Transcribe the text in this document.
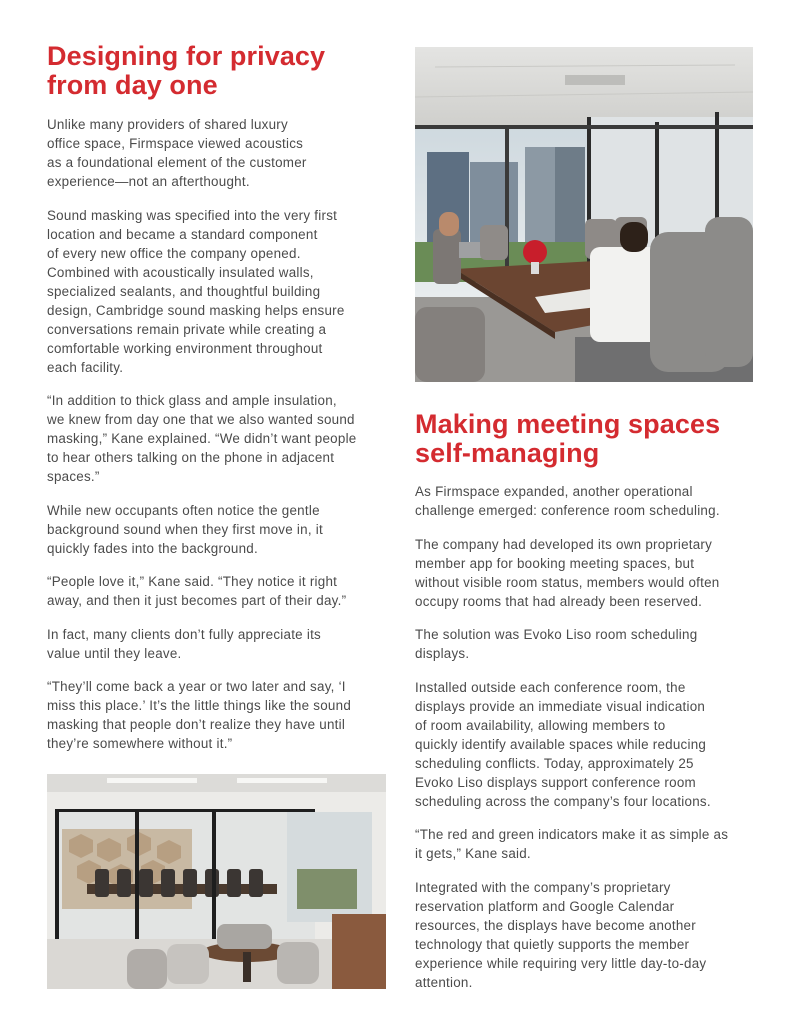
Designing for privacy
from day one

Unlike many providers of shared luxury
office space, Firmspace viewed acoustics
as a foundational element of the customer
experience—not an afterthought.

Sound masking was specified into the very first
location and became a standard component
of every new office the company opened.
Combined with acoustically insulated walls,
specialized sealants, and thoughtful building
design, Cambridge sound masking helps ensure
conversations remain private while creating a
comfortable working environment throughout
each facility.

“In addition to thick glass and ample insulation,
we knew from day one that we also wanted sound
masking,” Kane explained. “We didn’t want people
to hear others talking on the phone in adjacent
spaces.”

While new occupants often notice the gentle
background sound when they first move in, it
quickly fades into the background.

“People love it,” Kane said. “They notice it right
away, and then it just becomes part of their day.”

In fact, many clients don’t fully appreciate its
value until they leave.

“They’ll come back a year or two later and say, ‘I
miss this place.’ It’s the little things like the sound
masking that people don’t realize they have until
they’re somewhere without it.”

Making meeting spaces
self-managing

As Firmspace expanded, another operational
challenge emerged: conference room scheduling.

The company had developed its own proprietary
member app for booking meeting spaces, but
without visible room status, members would often
occupy rooms that had already been reserved.

The solution was Evoko Liso room scheduling
displays.

Installed outside each conference room, the
displays provide an immediate visual indication
of room availability, allowing members to
quickly identify available spaces while reducing
scheduling conflicts. Today, approximately 25
Evoko Liso displays support conference room
scheduling across the company’s four locations.

“The red and green indicators make it as simple as
it gets,” Kane said.

Integrated with the company’s proprietary
reservation platform and Google Calendar
resources, the displays have become another
technology that quietly supports the member
experience while requiring very little day-to-day
attention.
